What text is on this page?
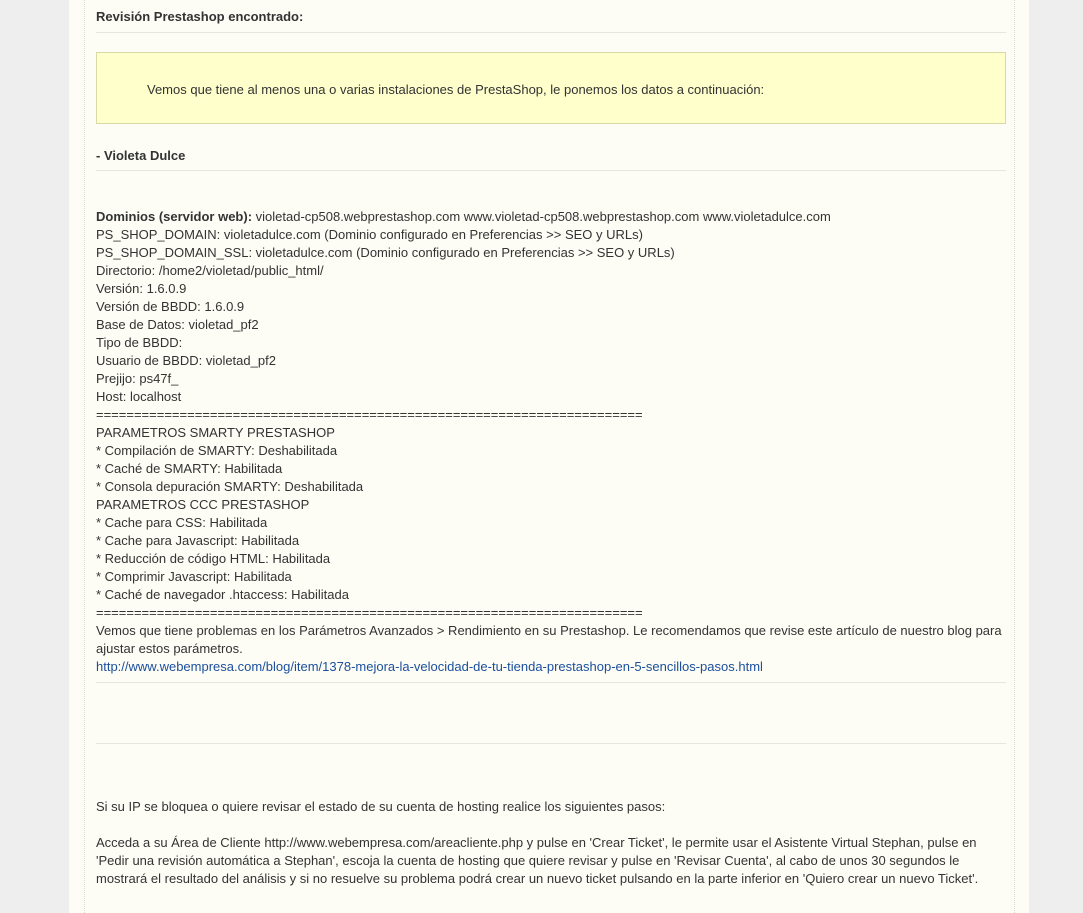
Revisión Prestashop encontrado:
Vemos que tiene al menos una o varias instalaciones de PrestaShop, le ponemos los datos a continuación:
- Violeta Dulce
Dominios (servidor web): violetad-cp508.webprestashop.com www.violetad-cp508.webprestashop.com www.violetadulce.com
PS_SHOP_DOMAIN: violetadulce.com (Dominio configurado en Preferencias >> SEO y URLs)
PS_SHOP_DOMAIN_SSL: violetadulce.com (Dominio configurado en Preferencias >> SEO y URLs)
Directorio: /home2/violetad/public_html/
Versión: 1.6.0.9
Versión de BBDD: 1.6.0.9
Base de Datos: violetad_pf2
Tipo de BBDD:
Usuario de BBDD: violetad_pf2
Prejijo: ps47f_
Host: localhost
========================================================================
PARAMETROS SMARTY PRESTASHOP
* Compilación de SMARTY: Deshabilitada
* Caché de SMARTY: Habilitada
* Consola depuración SMARTY: Deshabilitada
PARAMETROS CCC PRESTASHOP
* Cache para CSS: Habilitada
* Cache para Javascript: Habilitada
* Reducción de código HTML: Habilitada
* Comprimir Javascript: Habilitada
* Caché de navegador .htaccess: Habilitada
========================================================================
Vemos que tiene problemas en los Parámetros Avanzados > Rendimiento en su Prestashop. Le recomendamos que revise este artículo de nuestro blog para ajustar estos parámetros.
http://www.webempresa.com/blog/item/1378-mejora-la-velocidad-de-tu-tienda-prestashop-en-5-sencillos-pasos.html
Si su IP se bloquea o quiere revisar el estado de su cuenta de hosting realice los siguientes pasos:
Acceda a su Área de Cliente http://www.webempresa.com/areacliente.php y pulse en 'Crear Ticket', le permite usar el Asistente Virtual Stephan, pulse en 'Pedir una revisión automática a Stephan', escoja la cuenta de hosting que quiere revisar y pulse en 'Revisar Cuenta', al cabo de unos 30 segundos le mostrará el resultado del análisis y si no resuelve su problema podrá crear un nuevo ticket pulsando en la parte inferior en 'Quiero crear un nuevo Ticket'.
